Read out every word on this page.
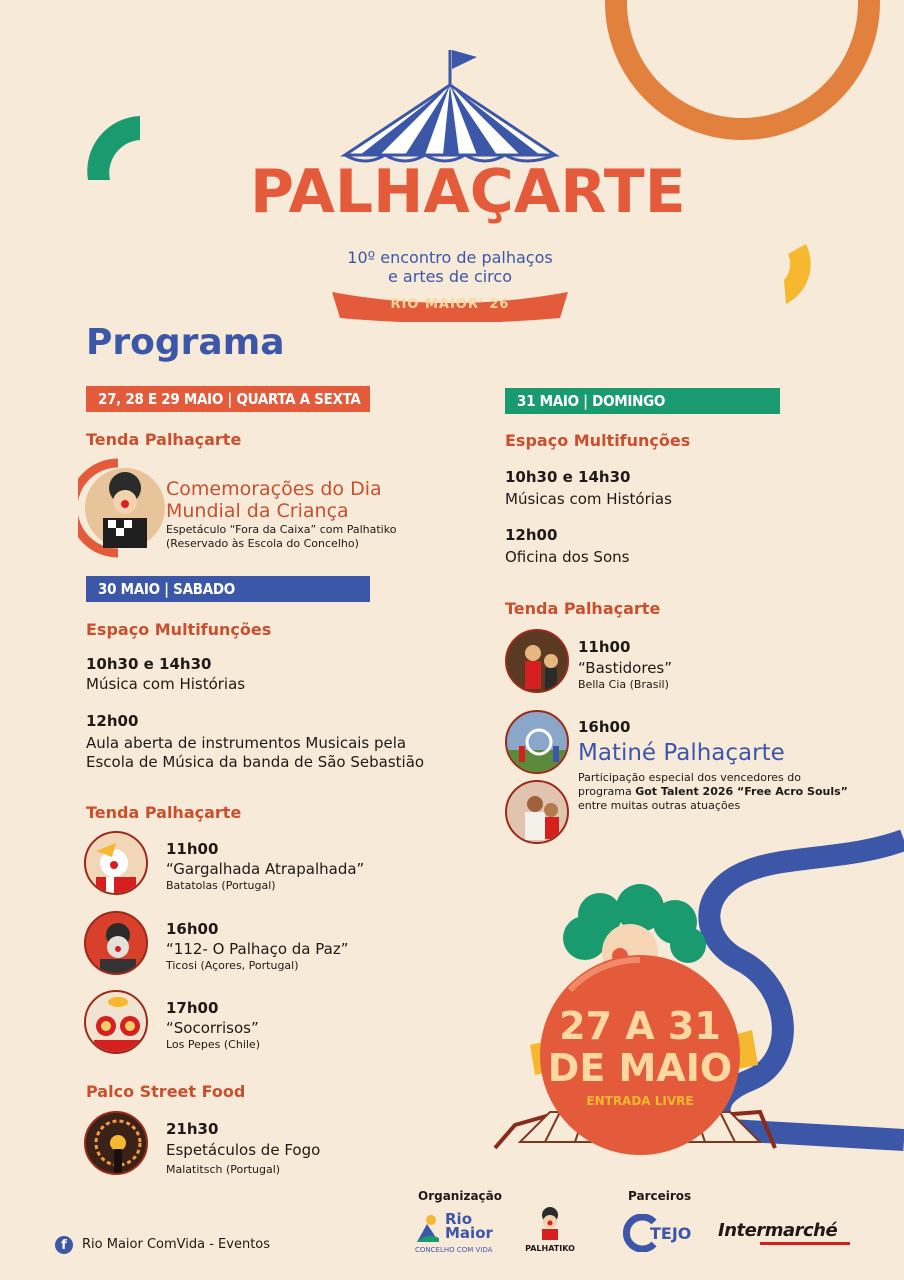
PALHAÇARTE
10º encontro de palhaços
e artes de circo
RIO MAIOR' 26
Programa
27, 28 E 29 MAIO | QUARTA A SEXTA
Tenda Palhaçarte
Comemorações do Dia
Mundial da Criança
Espetáculo “Fora da Caixa” com Palhatiko
(Reservado às Escola do Concelho)
30 MAIO | SABADO
Espaço Multifunções
10h30 e 14h30
Música com Histórias
12h00
Aula aberta de instrumentos Musicais pela
Escola de Música da banda de São Sebastião
Tenda Palhaçarte
11h00
“Gargalhada Atrapalhada”
Batatolas (Portugal)
16h00
“112- O Palhaço da Paz”
Ticosi (Açores, Portugal)
17h00
“Socorrisos”
Los Pepes (Chile)
Palco Street Food
21h30
Espetáculos de Fogo
Malatitsch (Portugal)
31 MAIO | DOMINGO
Espaço Multifunções
10h30 e 14h30
Músicas com Histórias
12h00
Oficina dos Sons
Tenda Palhaçarte
11h00
“Bastidores”
Bella Cia (Brasil)
16h00
Matiné Palhaçarte
Participação especial dos vencedores do
programa Got Talent 2026 “Free Acro Souls”
entre muitas outras atuações
27 A 31
DE MAIO
ENTRADA LIVRE
f	Rio Maior ComVida - Eventos
Organização	Parceiros
Rio
Maior
CONCELHO COM VIDA	PALHATIKO
TEJO Intermarché
